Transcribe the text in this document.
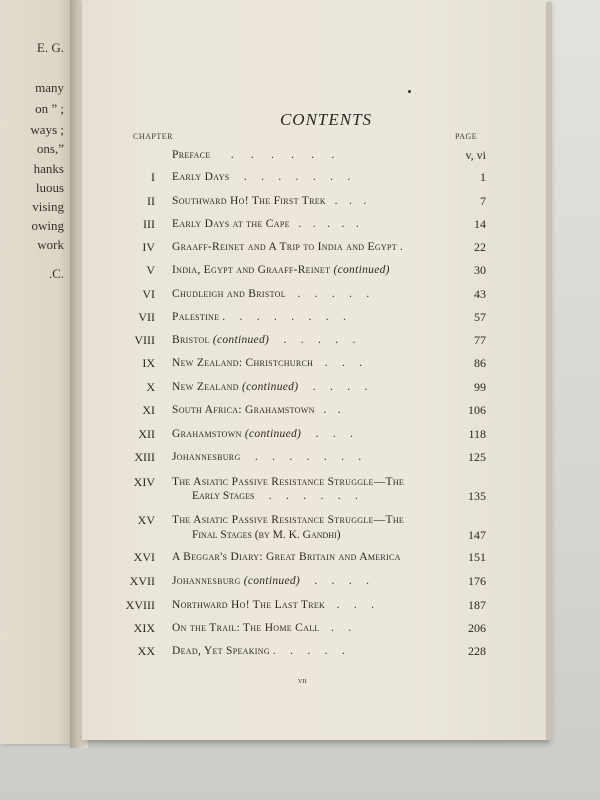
E. G.
many
on ” ;
ways ;
ons,”
hanks
luous
vising
owing
work
.C.
CONTENTS
CHAPTER	PAGE
Preface       .      .      .      .      .      .	v, vi
I Early Days     .     .     .     .     .     .     .	1
II Southward Ho! The First Trek   .    .    .	7
III Early Days at the Cape   .    .    .    .    .	14
IV Graaff-Reinet and A Trip to India and Egypt .	22
V India, Egypt and Graaff-Reinet (continued)	30
VI Chudleigh and Bristol    .     .     .     .     .	43
VII Palestine .     .     .     .     .     .     .     .	57
VIII Bristol (continued)     .     .     .     .     .	77
IX New Zealand: Christchurch    .     .     .	86
X New Zealand (continued)     .     .     .     .	99
XI South Africa: Grahamstown   .    .	106
XII Grahamstown (continued)     .     .     .	118
XIII Johannesburg     .     .     .     .     .     .     .	125
XIV The Asiatic Passive Resistance Struggle—The
Early Stages     .     .     .     .     .     .	135
XV The Asiatic Passive Resistance Struggle—The
Final Stages (by M. K. Gandhi)	147
XVI A Beggar's Diary: Great Britain and America	151
XVII Johannesburg (continued)     .     .     .     .	176
XVIII Northward Ho! The Last Trek    .     .     .	187
XIX On the Trail: The Home Call    .     .	206
XX Dead, Yet Speaking .     .     .     .     .	228
vii
